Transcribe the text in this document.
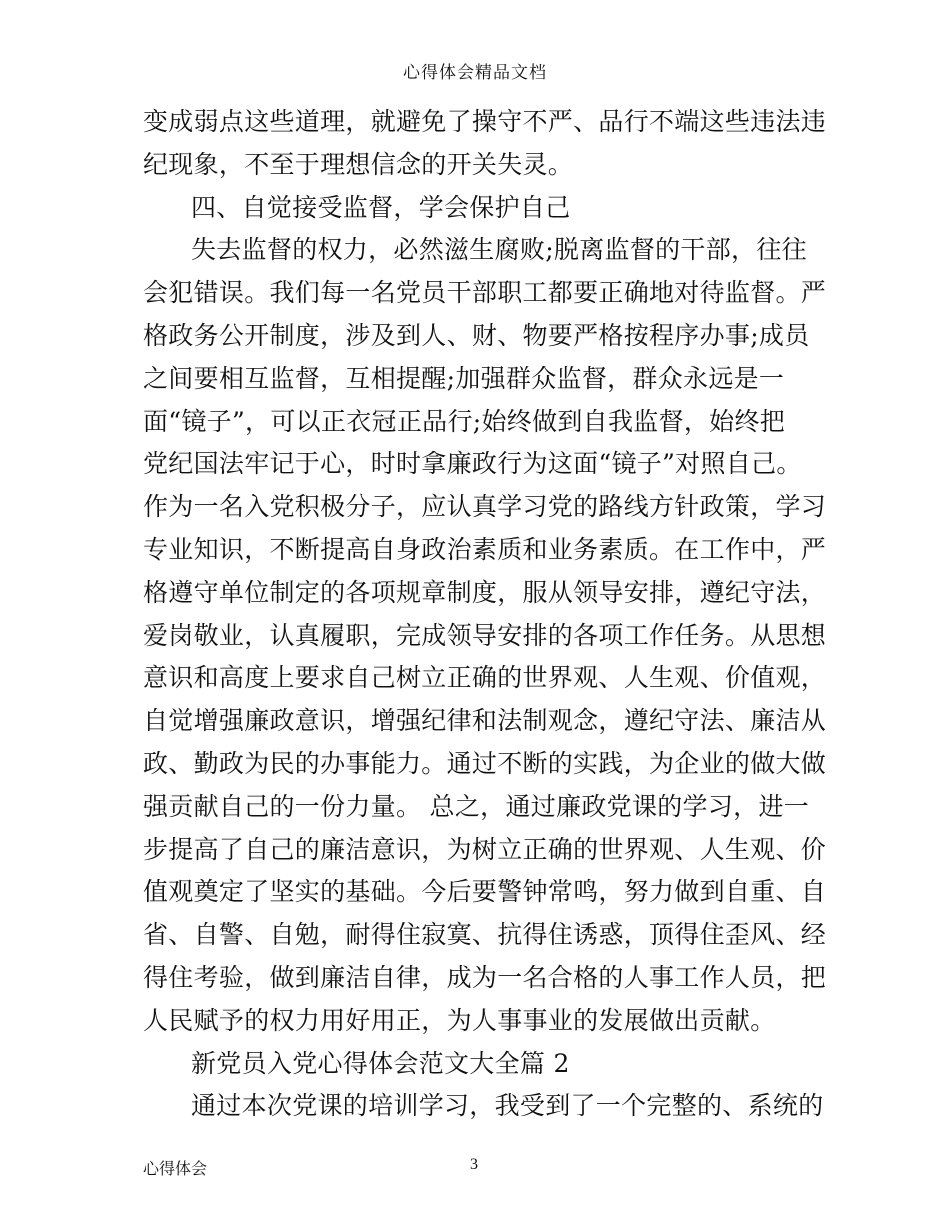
心得体会精品文档
变成弱点这些道理，就避免了操守不严、品行不端这些违法违
纪现象，不至于理想信念的开关失灵。
四、自觉接受监督，学会保护自己
失去监督的权力，必然滋生腐败;脱离监督的干部，往往
会犯错误。我们每一名党员干部职工都要正确地对待监督。严
格政务公开制度，涉及到人、财、物要严格按程序办事;成员
之间要相互监督，互相提醒;加强群众监督，群众永远是一
面“镜子”，可以正衣冠正品行;始终做到自我监督，始终把
党纪国法牢记于心，时时拿廉政行为这面“镜子”对照自己。
作为一名入党积极分子，应认真学习党的路线方针政策，学习
专业知识，不断提高自身政治素质和业务素质。在工作中，严
格遵守单位制定的各项规章制度，服从领导安排，遵纪守法，
爱岗敬业，认真履职，完成领导安排的各项工作任务。从思想
意识和高度上要求自己树立正确的世界观、人生观、价值观，
自觉增强廉政意识，增强纪律和法制观念，遵纪守法、廉洁从
政、勤政为民的办事能力。通过不断的实践，为企业的做大做
强贡献自己的一份力量。 总之，通过廉政党课的学习，进一
步提高了自己的廉洁意识，为树立正确的世界观、人生观、价
值观奠定了坚实的基础。今后要警钟常鸣，努力做到自重、自
省、自警、自勉，耐得住寂寞、抗得住诱惑，顶得住歪风、经
得住考验，做到廉洁自律，成为一名合格的人事工作人员，把
人民赋予的权力用好用正，为人事事业的发展做出贡献。
新党员入党心得体会范文大全篇 2
通过本次党课的培训学习，我受到了一个完整的、系统的
心得体会	3
